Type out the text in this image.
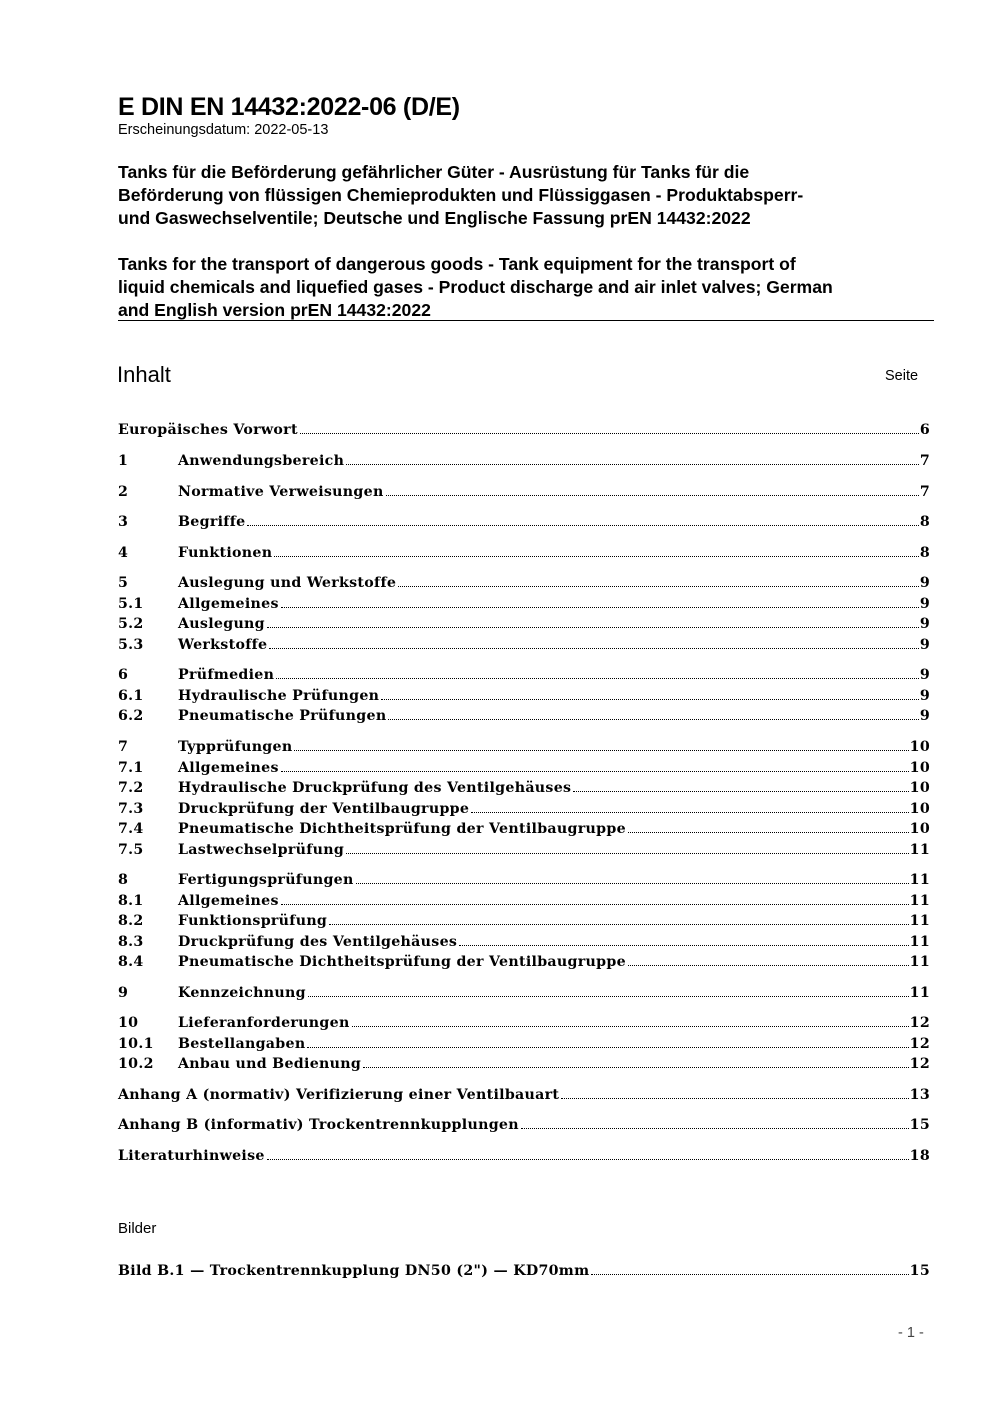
E DIN EN 14432:2022-06 (D/E)
Erscheinungsdatum: 2022-05-13
Tanks für die Beförderung gefährlicher Güter - Ausrüstung für Tanks für die
Beförderung von flüssigen Chemieprodukten und Flüssiggasen - Produktabsperr-
und Gaswechselventile; Deutsche und Englische Fassung prEN 14432:2022
Tanks for the transport of dangerous goods - Tank equipment for the transport of
liquid chemicals and liquefied gases - Product discharge and air inlet valves; German
and English version prEN 14432:2022
Inhalt	Seite
Europäisches Vorwort	6
1	Anwendungsbereich	7
2	Normative Verweisungen	7
3	Begriffe	8
4	Funktionen	8
5	Auslegung und Werkstoffe	9
5.1	Allgemeines	9
5.2	Auslegung	9
5.3	Werkstoffe	9
6	Prüfmedien	9
6.1	Hydraulische Prüfungen	9
6.2	Pneumatische Prüfungen	9
7	Typprüfungen	10
7.1	Allgemeines	10
7.2	Hydraulische Druckprüfung des Ventilgehäuses	10
7.3	Druckprüfung der Ventilbaugruppe	10
7.4	Pneumatische Dichtheitsprüfung der Ventilbaugruppe	10
7.5	Lastwechselprüfung	11
8	Fertigungsprüfungen	11
8.1	Allgemeines	11
8.2	Funktionsprüfung	11
8.3	Druckprüfung des Ventilgehäuses	11
8.4	Pneumatische Dichtheitsprüfung der Ventilbaugruppe	11
9	Kennzeichnung	11
10	Lieferanforderungen	12
10.1	Bestellangaben	12
10.2	Anbau und Bedienung	12
Anhang A (normativ) Verifizierung einer Ventilbauart	13
Anhang B (informativ) Trockentrennkupplungen	15
Literaturhinweise	18
Bilder
Bild B.1 — Trockentrennkupplung DN50 (2") — KD70mm	15
- 1 -
